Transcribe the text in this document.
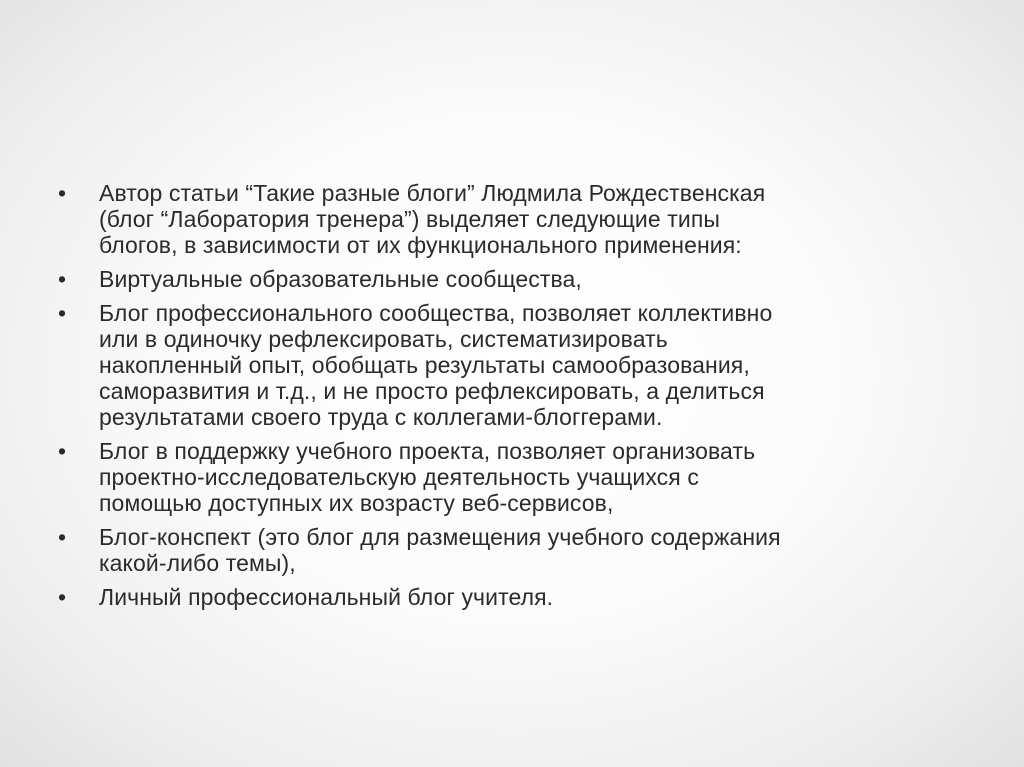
• Автор статьи “Такие разные блоги” Людмила Рождественская
(блог “Лаборатория тренера”) выделяет следующие типы
блогов, в зависимости от их функционального применения:
• Виртуальные образовательные сообщества,
• Блог профессионального сообщества, позволяет коллективно
или в одиночку рефлексировать, систематизировать
накопленный опыт, обобщать результаты самообразования,
саморазвития и т.д., и не просто рефлексировать, а делиться
результатами своего труда с коллегами-блоггерами.
• Блог в поддержку учебного проекта, позволяет организовать
проектно-исследовательскую деятельность учащихся с
помощью доступных их возрасту веб-сервисов,
• Блог-конспект (это блог для размещения учебного содержания
какой-либо темы),
• Личный профессиональный блог учителя.
